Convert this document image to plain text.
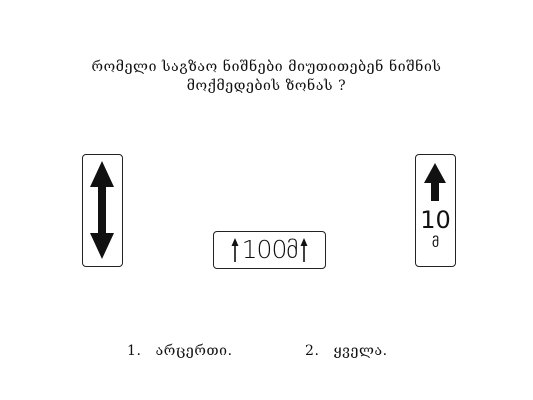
რომელი საგზაო ნიშნები მიუთითებენ ნიშნის
მოქმედების ზონას ?
100მ
10
მ
1. არცერთი.	2. ყველა.
